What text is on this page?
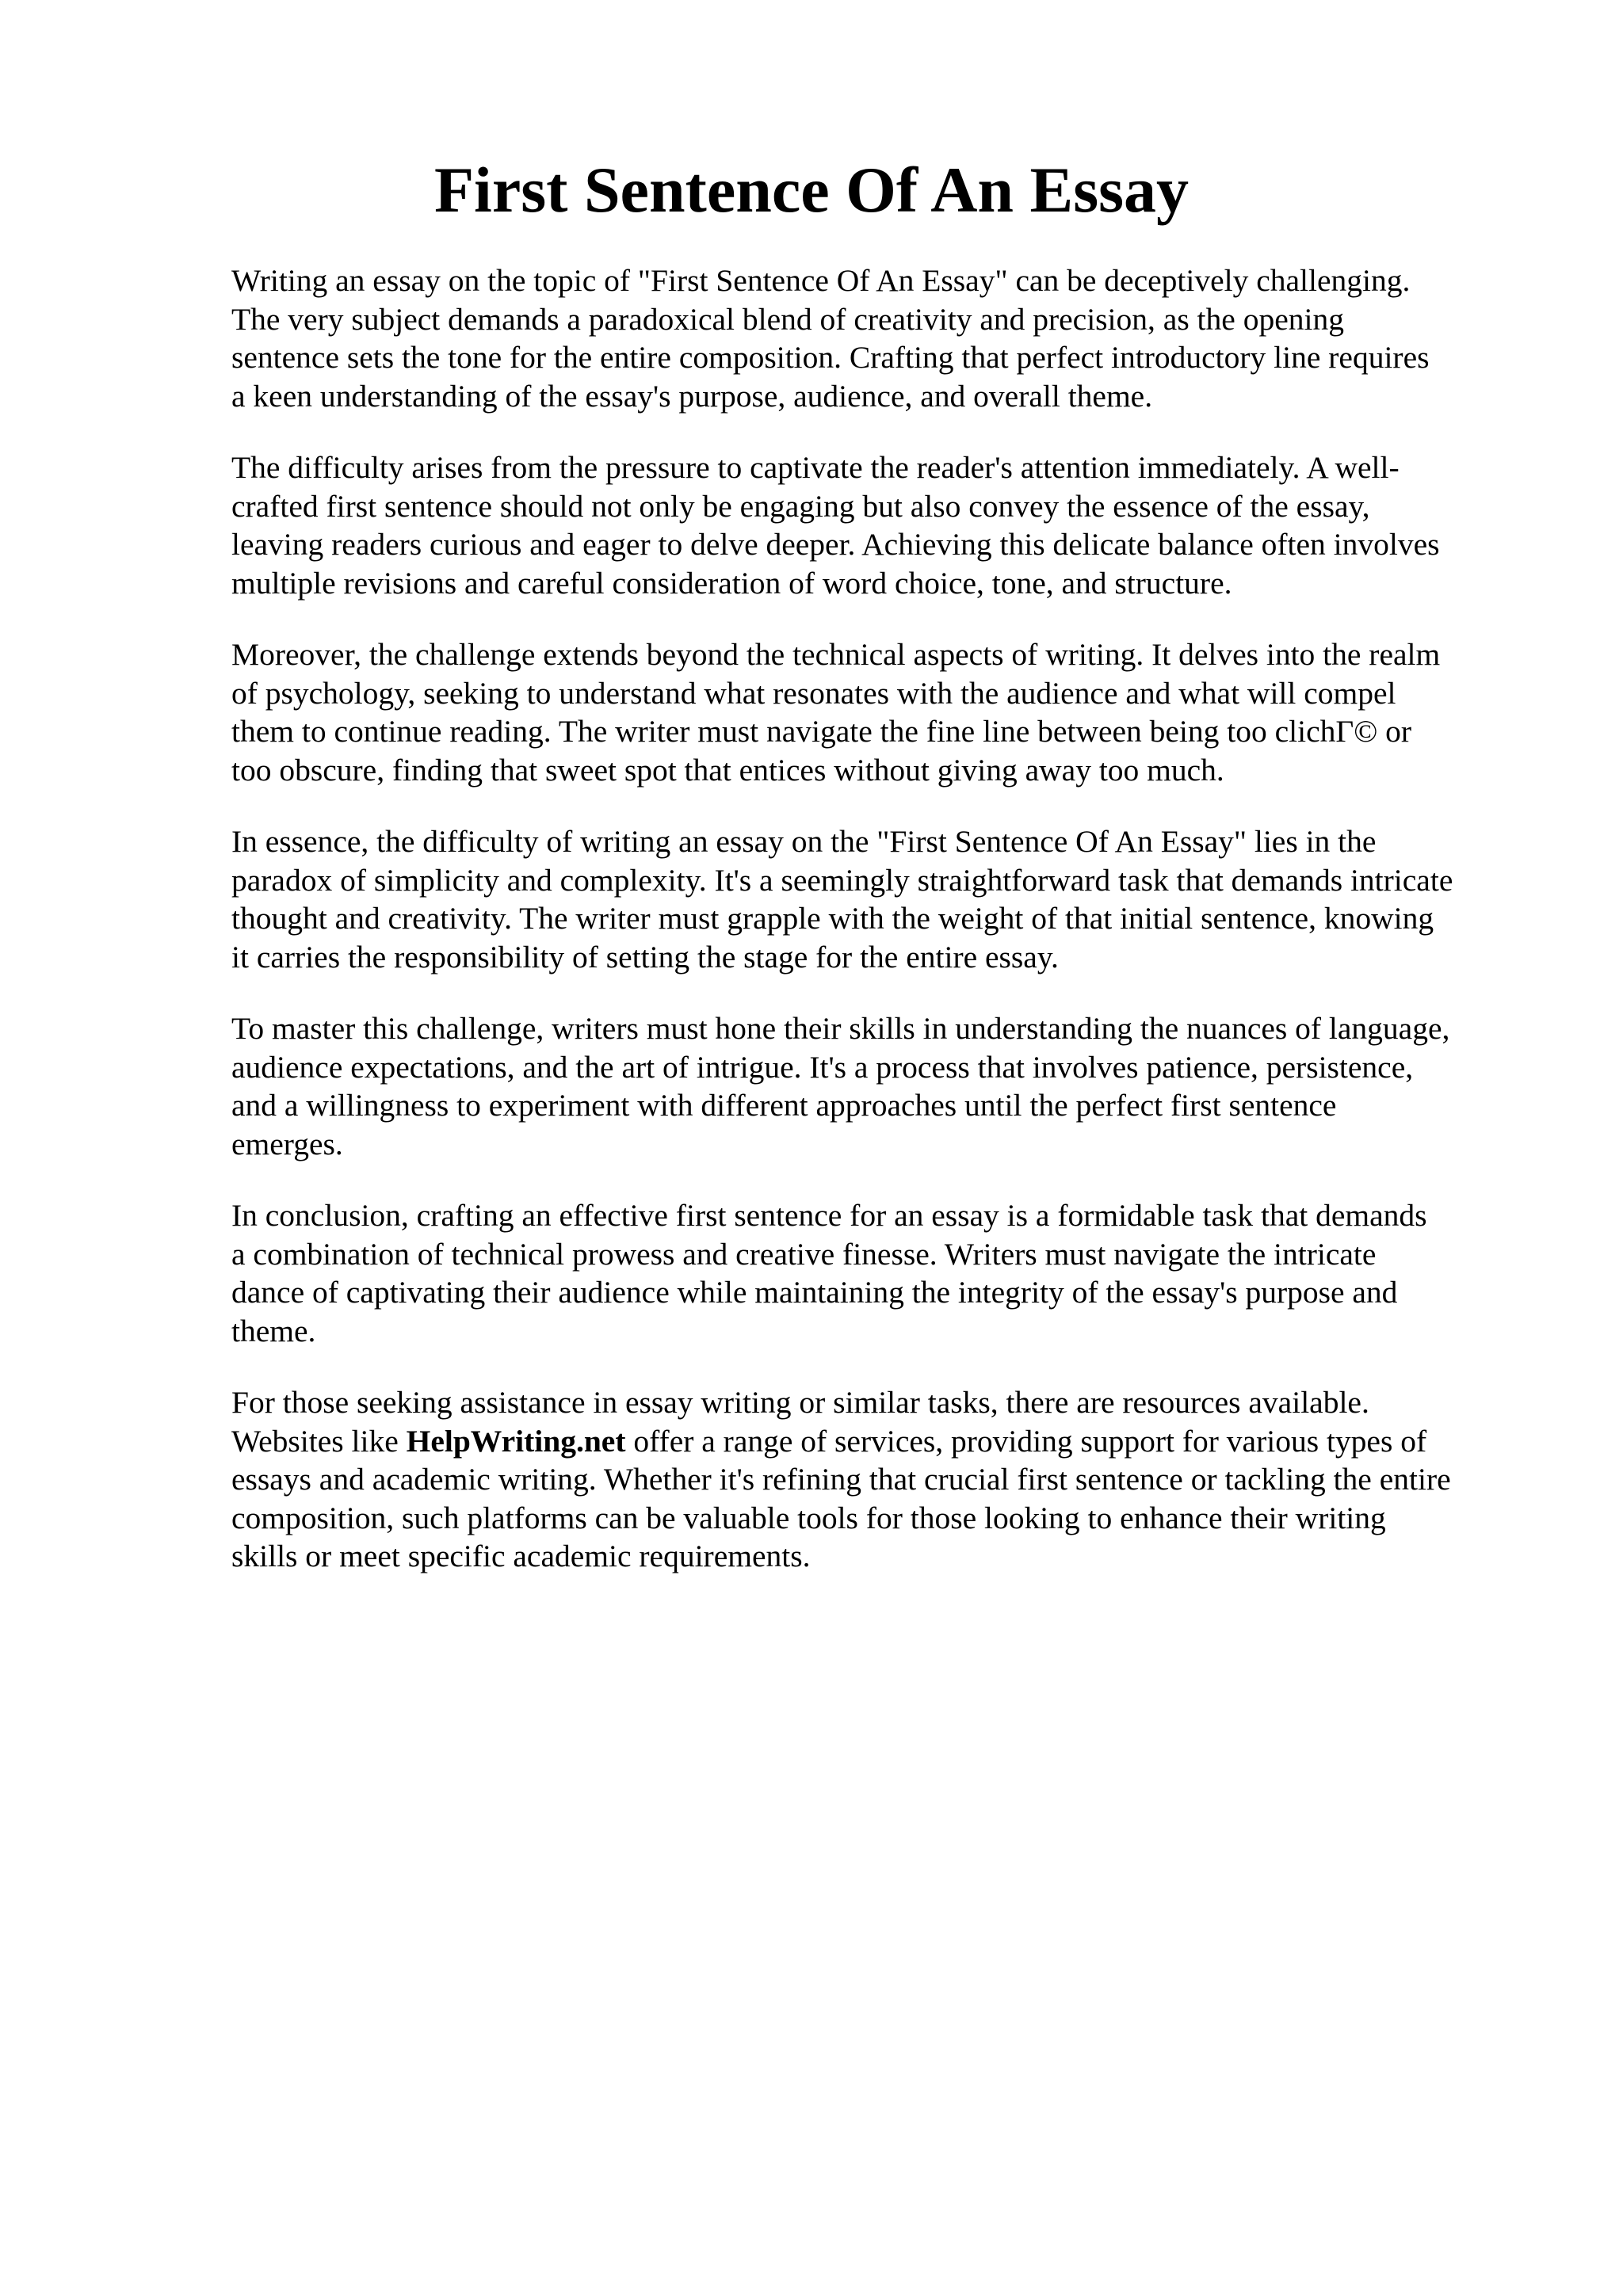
First Sentence Of An Essay

Writing an essay on the topic of "First Sentence Of An Essay" can be deceptively challenging.
The very subject demands a paradoxical blend of creativity and precision, as the opening
sentence sets the tone for the entire composition. Crafting that perfect introductory line requires
a keen understanding of the essay's purpose, audience, and overall theme.

The difficulty arises from the pressure to captivate the reader's attention immediately. A well-
crafted first sentence should not only be engaging but also convey the essence of the essay,
leaving readers curious and eager to delve deeper. Achieving this delicate balance often involves
multiple revisions and careful consideration of word choice, tone, and structure.

Moreover, the challenge extends beyond the technical aspects of writing. It delves into the realm
of psychology, seeking to understand what resonates with the audience and what will compel
them to continue reading. The writer must navigate the fine line between being too clichΓ© or
too obscure, finding that sweet spot that entices without giving away too much.

In essence, the difficulty of writing an essay on the "First Sentence Of An Essay" lies in the
paradox of simplicity and complexity. It's a seemingly straightforward task that demands intricate
thought and creativity. The writer must grapple with the weight of that initial sentence, knowing
it carries the responsibility of setting the stage for the entire essay.

To master this challenge, writers must hone their skills in understanding the nuances of language,
audience expectations, and the art of intrigue. It's a process that involves patience, persistence,
and a willingness to experiment with different approaches until the perfect first sentence
emerges.

In conclusion, crafting an effective first sentence for an essay is a formidable task that demands
a combination of technical prowess and creative finesse. Writers must navigate the intricate
dance of captivating their audience while maintaining the integrity of the essay's purpose and
theme.

For those seeking assistance in essay writing or similar tasks, there are resources available.
Websites like HelpWriting.net offer a range of services, providing support for various types of
essays and academic writing. Whether it's refining that crucial first sentence or tackling the entire
composition, such platforms can be valuable tools for those looking to enhance their writing
skills or meet specific academic requirements.
